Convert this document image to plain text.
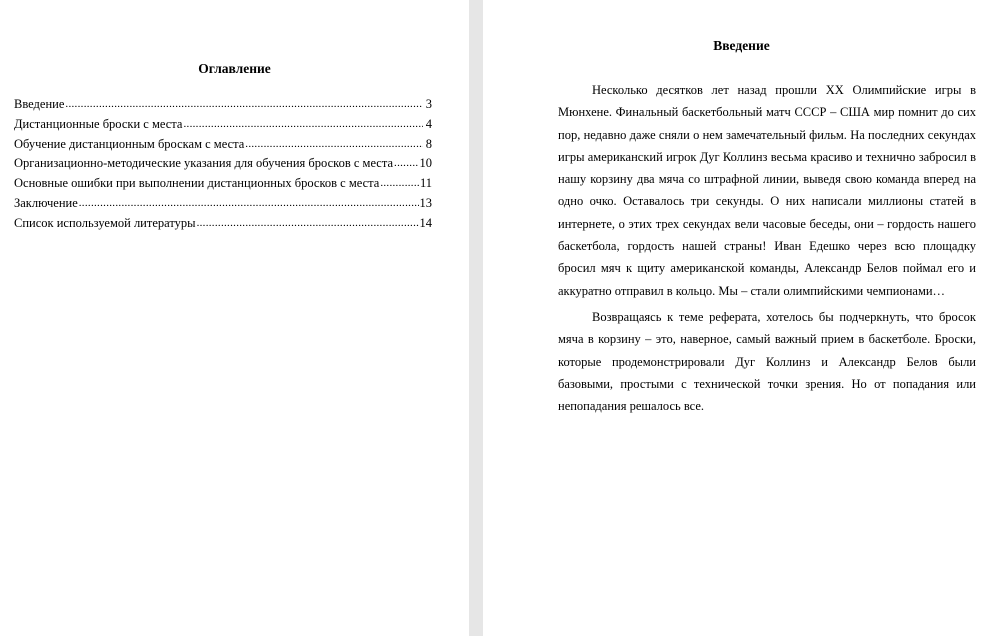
Оглавление
Введение .....	3
Дистанционные броски с места .....	4
Обучение дистанционным броскам с места .....	8
Организационно-методические указания для обучения бросков с места ..... 10
Основные ошибки при выполнении дистанционных бросков с места .....	11
Заключение .....	13
Список используемой литературы .....	14
Введение

Несколько десятков лет назад прошли XX Олимпийские игры в Мюнхене. Финальный баскетбольный матч СССР – США мир помнит до сих пор, недавно даже сняли о нем замечательный фильм. На последних секундах игры американский игрок Дуг Коллинз весьма красиво и технично забросил в нашу корзину два мяча со штрафной линии, выведя свою команда вперед на одно очко. Оставалось три секунды. О них написали миллионы статей в интернете, о этих трех секундах вели часовые беседы, они – гордость нашего баскетбола, гордость нашей страны! Иван Едешко через всю площадку бросил мяч к щиту американской команды, Александр Белов поймал его и аккуратно отправил в кольцо. Мы – стали олимпийскими чемпионами…

Возвращаясь к теме реферата, хотелось бы подчеркнуть, что бросок мяча в корзину – это, наверное, самый важный прием в баскетболе. Броски, которые продемонстрировали Дуг Коллинз и Александр Белов были базовыми, простыми с технической точки зрения. Но от попадания или непопадания решалось все.
